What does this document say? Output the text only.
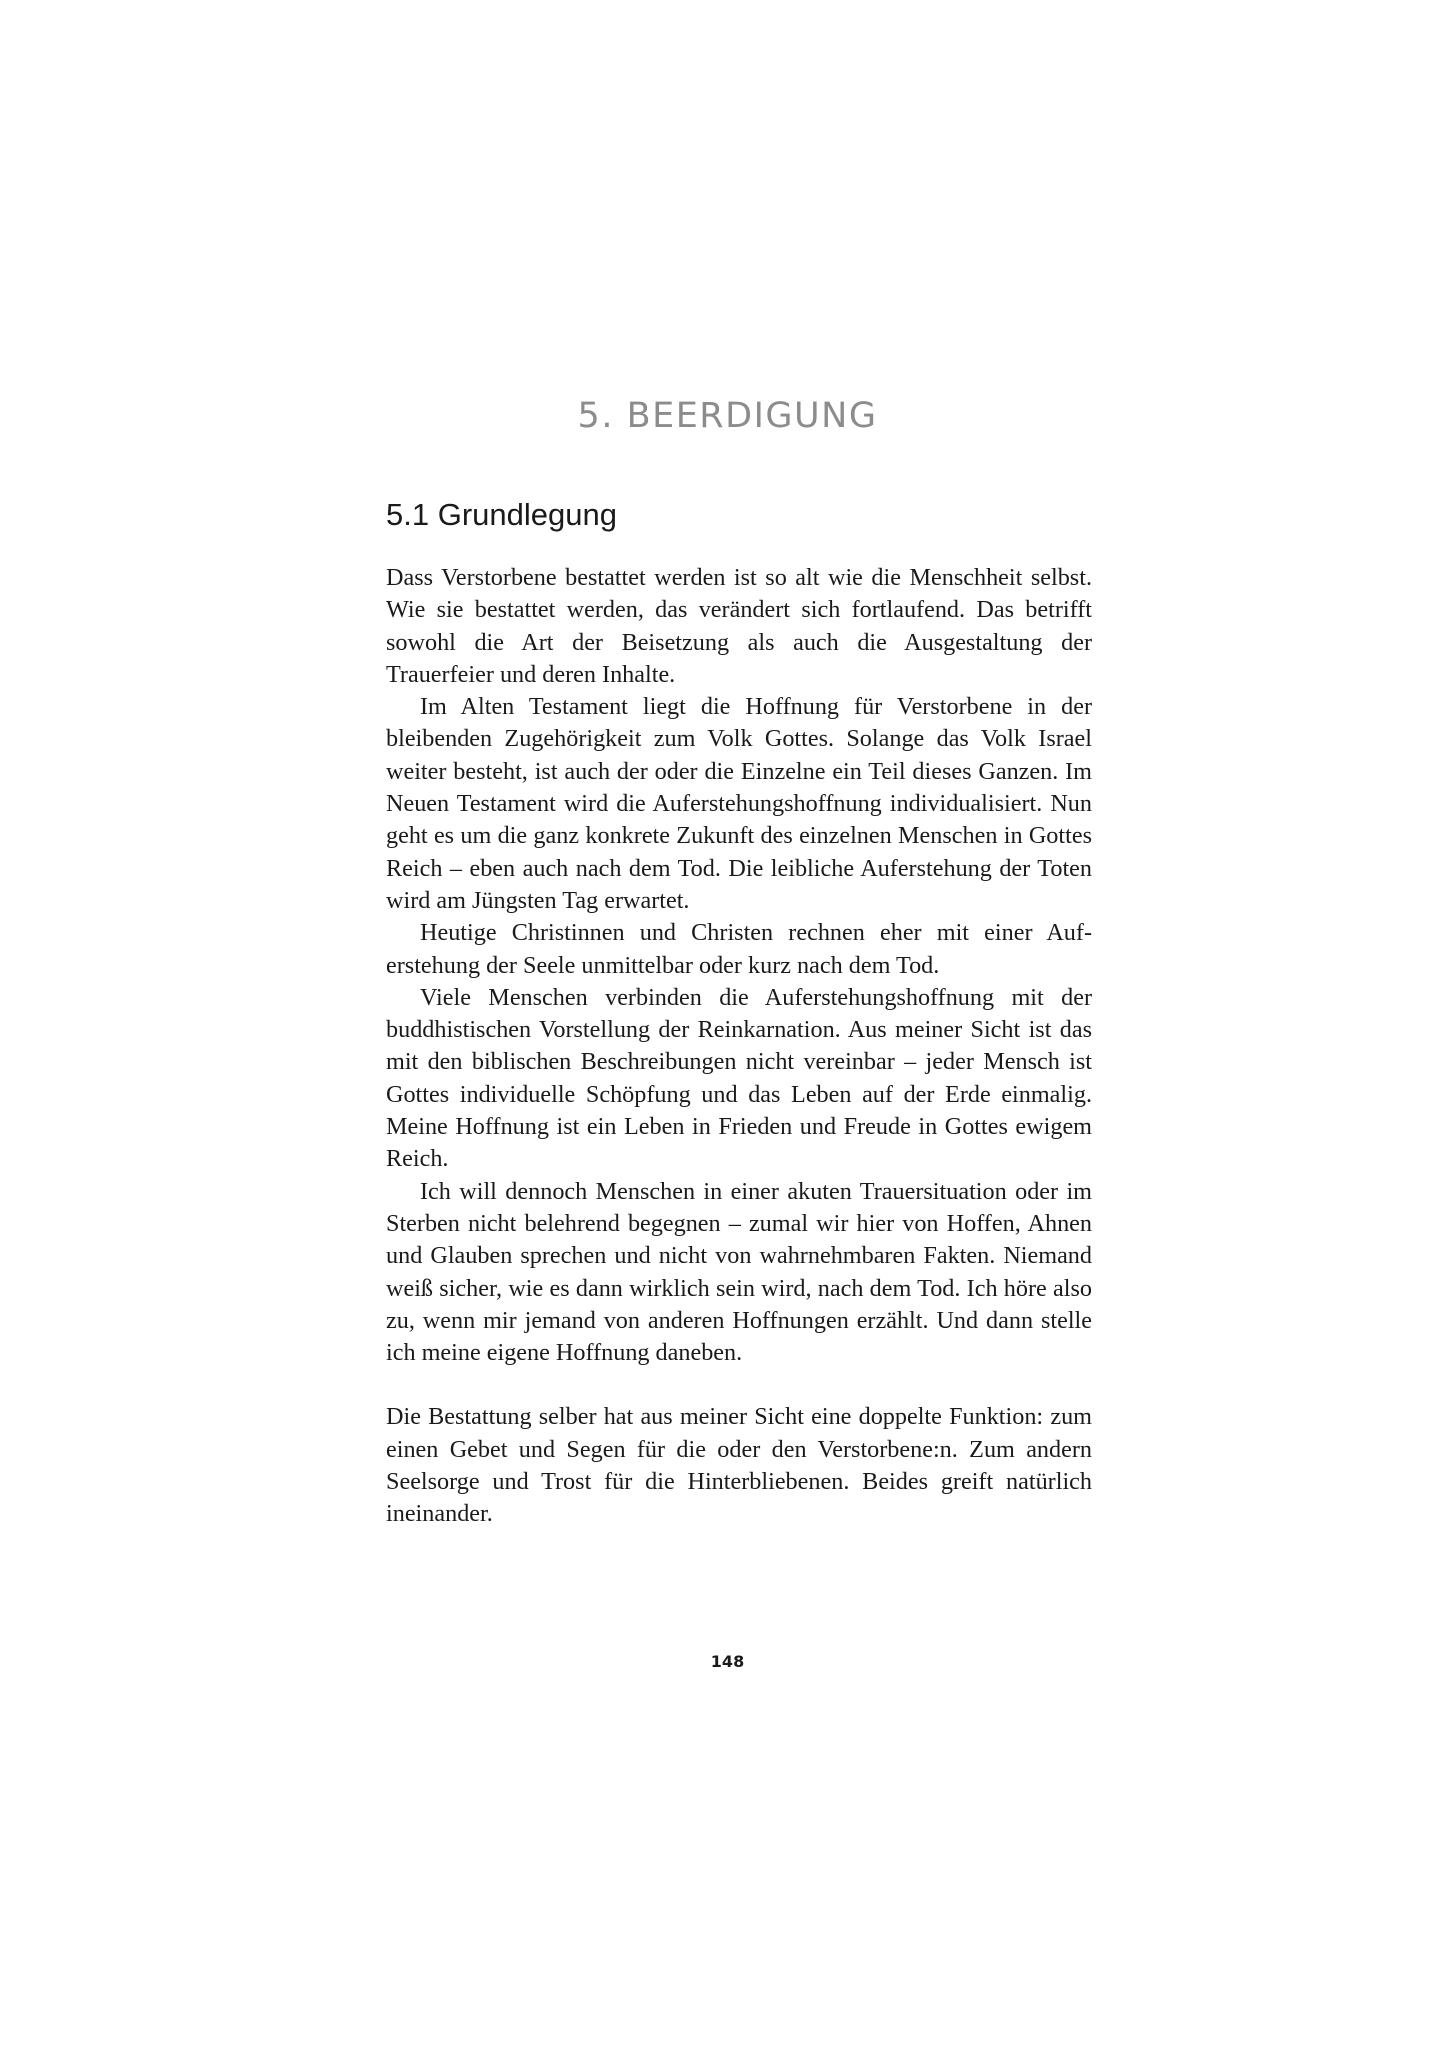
5. BEERDIGUNG
5.1 Grundlegung

Dass Verstorbene bestattet werden ist so alt wie die Menschheit selbst. Wie sie bestattet werden, das verändert sich fortlaufend. Das betrifft sowohl die Art der Beisetzung als auch die Ausgestaltung der Trauerfeier und deren Inhalte.

Im Alten Testament liegt die Hoffnung für Verstorbene in der bleibenden Zugehörigkeit zum Volk Gottes. Solange das Volk Israel weiter besteht, ist auch der oder die Einzelne ein Teil dieses Ganzen. Im Neuen Testament wird die Auferstehungshoffnung individualisiert. Nun geht es um die ganz konkrete Zukunft des einzelnen Menschen in Gottes Reich – eben auch nach dem Tod. Die leibliche Auferstehung der Toten wird am Jüngsten Tag erwartet.

Heutige Christinnen und Christen rechnen eher mit einer Auferstehung der Seele unmittelbar oder kurz nach dem Tod.

Viele Menschen verbinden die Auferstehungshoffnung mit der buddhistischen Vorstellung der Reinkarnation. Aus meiner Sicht ist das mit den biblischen Beschreibungen nicht vereinbar – jeder Mensch ist Gottes individuelle Schöpfung und das Leben auf der Erde einmalig. Meine Hoffnung ist ein Leben in Frieden und Freude in Gottes ewigem Reich.

Ich will dennoch Menschen in einer akuten Trauersituation oder im Sterben nicht belehrend begegnen – zumal wir hier von Hoffen, Ahnen und Glauben sprechen und nicht von wahrnehmbaren Fakten. Niemand weiß sicher, wie es dann wirklich sein wird, nach dem Tod. Ich höre also zu, wenn mir jemand von anderen Hoffnungen erzählt. Und dann stelle ich meine eigene Hoffnung daneben.

Die Bestattung selber hat aus meiner Sicht eine doppelte Funktion: zum einen Gebet und Segen für die oder den Verstorbene:n. Zum andern Seelsorge und Trost für die Hinterbliebenen. Beides greift natürlich ineinander.

148
